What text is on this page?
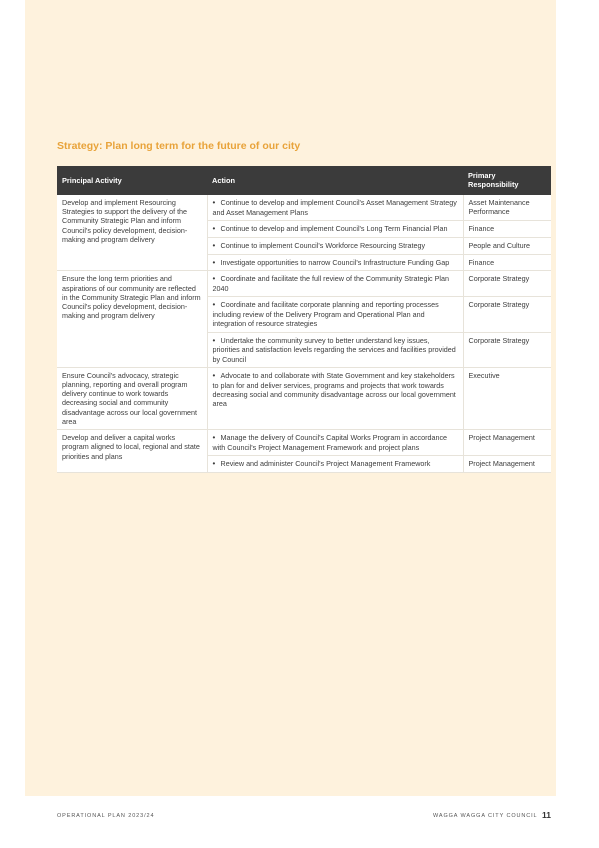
Strategy: Plan long term for the future of our city
Principal Activity	Action	Primary Responsibility
Develop and implement Resourcing Strategies to support the delivery of the Community Strategic Plan and inform Council's policy development, decision-making and program delivery	• Continue to develop and implement Council's Asset Management Strategy and Asset Management Plans	Asset Maintenance Performance

	• Continue to develop and implement Council's Long Term Financial Plan	Finance

	• Continue to implement Council's Workforce Resourcing Strategy	People and Culture

	• Investigate opportunities to narrow Council's Infrastructure Funding Gap	Finance
Ensure the long term priorities and aspirations of our community are reflected in the Community Strategic Plan and inform Council's policy development, decision-making and program delivery	• Coordinate and facilitate the full review of the Community Strategic Plan 2040	Corporate Strategy

	• Coordinate and facilitate corporate planning and reporting processes including review of the Delivery Program and Operational Plan and integration of resource strategies	Corporate Strategy

	• Undertake the community survey to better understand key issues, priorities and satisfaction levels regarding the services and facilities provided by Council	Corporate Strategy
Ensure Council's advocacy, strategic planning, reporting and overall program delivery continue to work towards decreasing social and community disadvantage across our local government area	• Advocate to and collaborate with State Government and key stakeholders to plan for and deliver services, programs and projects that work towards decreasing social and community disadvantage across our local government area	Executive
Develop and deliver a capital works program aligned to local, regional and state priorities and plans	• Manage the delivery of Council's Capital Works Program in accordance with Council's Project Management Framework and project plans	Project Management

	• Review and administer Council's Project Management Framework	Project Management
OPERATIONAL PLAN 2023/24	WAGGA WAGGA CITY COUNCIL 11
